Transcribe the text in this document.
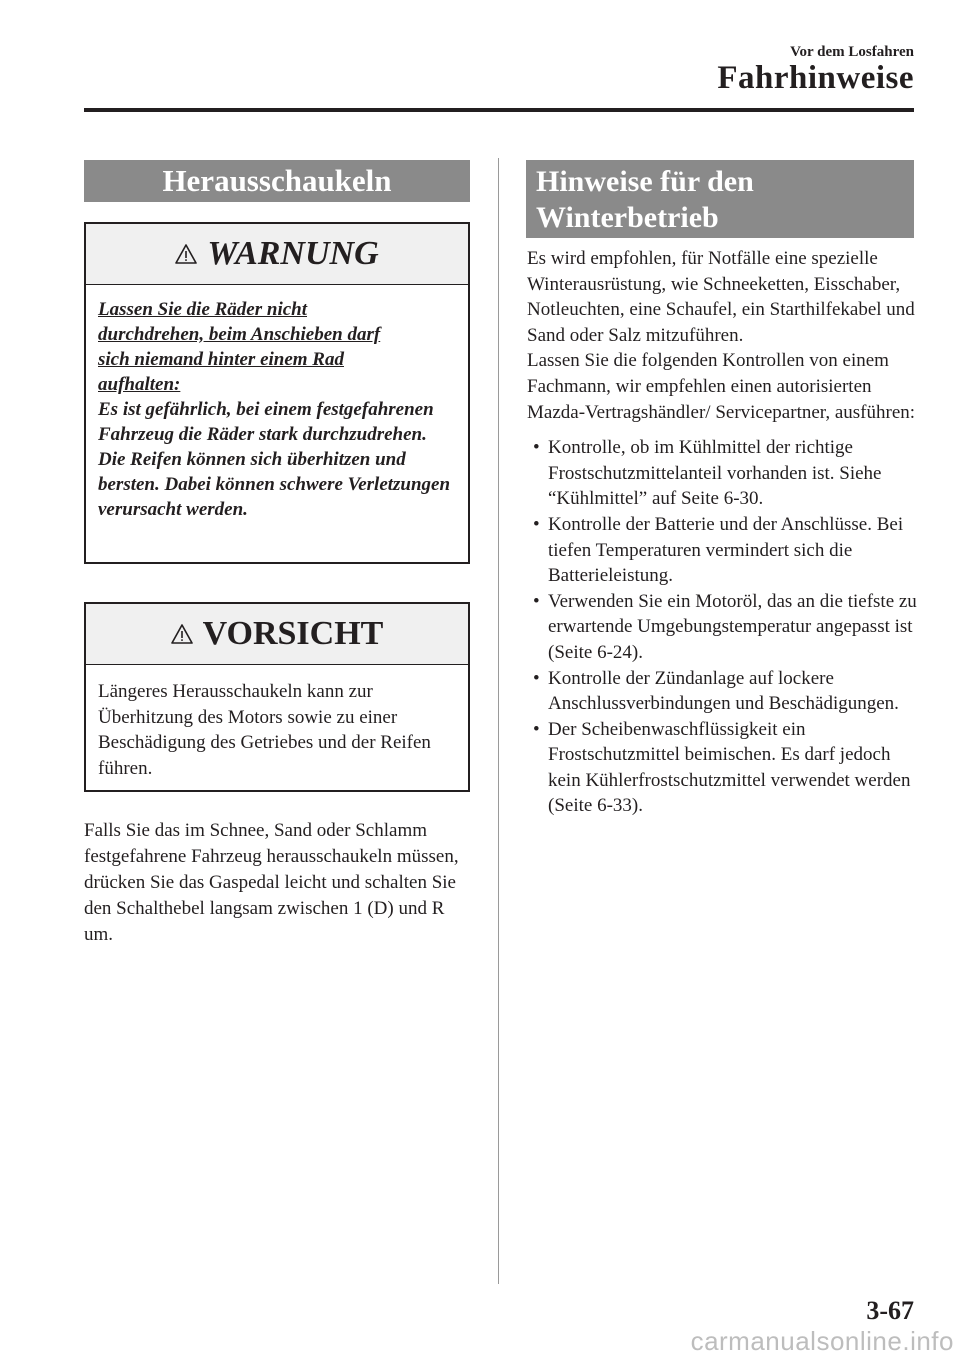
Vor dem Losfahren
Fahrhinweise
Herausschaukeln
WARNUNG
Lassen Sie die Räder nicht
durchdrehen, beim Anschieben darf
sich niemand hinter einem Rad
aufhalten:
Es ist gefährlich, bei einem festgefahrenen Fahrzeug die Räder stark durchzudrehen. Die Reifen können sich überhitzen und bersten. Dabei können schwere Verletzungen verursacht werden.
VORSICHT
Längeres Herausschaukeln kann zur Überhitzung des Motors sowie zu einer Beschädigung des Getriebes und der Reifen führen.
Falls Sie das im Schnee, Sand oder Schlamm festgefahrene Fahrzeug herausschaukeln müssen, drücken Sie das Gaspedal leicht und schalten Sie den Schalthebel langsam zwischen 1 (D) und R um.
Hinweise für den
Winterbetrieb

Es wird empfohlen, für Notfälle eine spezielle Winterausrüstung, wie Schneeketten, Eisschaber, Notleuchten, eine Schaufel, ein Starthilfekabel und Sand oder Salz mitzuführen.

Lassen Sie die folgenden Kontrollen von einem Fachmann, wir empfehlen einen autorisierten Mazda-Vertragshändler/ Servicepartner, ausführen:

• Kontrolle, ob im Kühlmittel der richtige Frostschutzmittelanteil vorhanden ist. Siehe “Kühlmittel” auf Seite 6-30.
• Kontrolle der Batterie und der Anschlüsse. Bei tiefen Temperaturen vermindert sich die Batterieleistung.
• Verwenden Sie ein Motoröl, das an die tiefste zu erwartende Umgebungstemperatur angepasst ist (Seite 6-24).
• Kontrolle der Zündanlage auf lockere Anschlussverbindungen und Beschädigungen.
• Der Scheibenwaschflüssigkeit ein Frostschutzmittel beimischen. Es darf jedoch kein Kühlerfrostschutzmittel verwendet werden (Seite 6-33).
3-67
carmanualsonline.info
